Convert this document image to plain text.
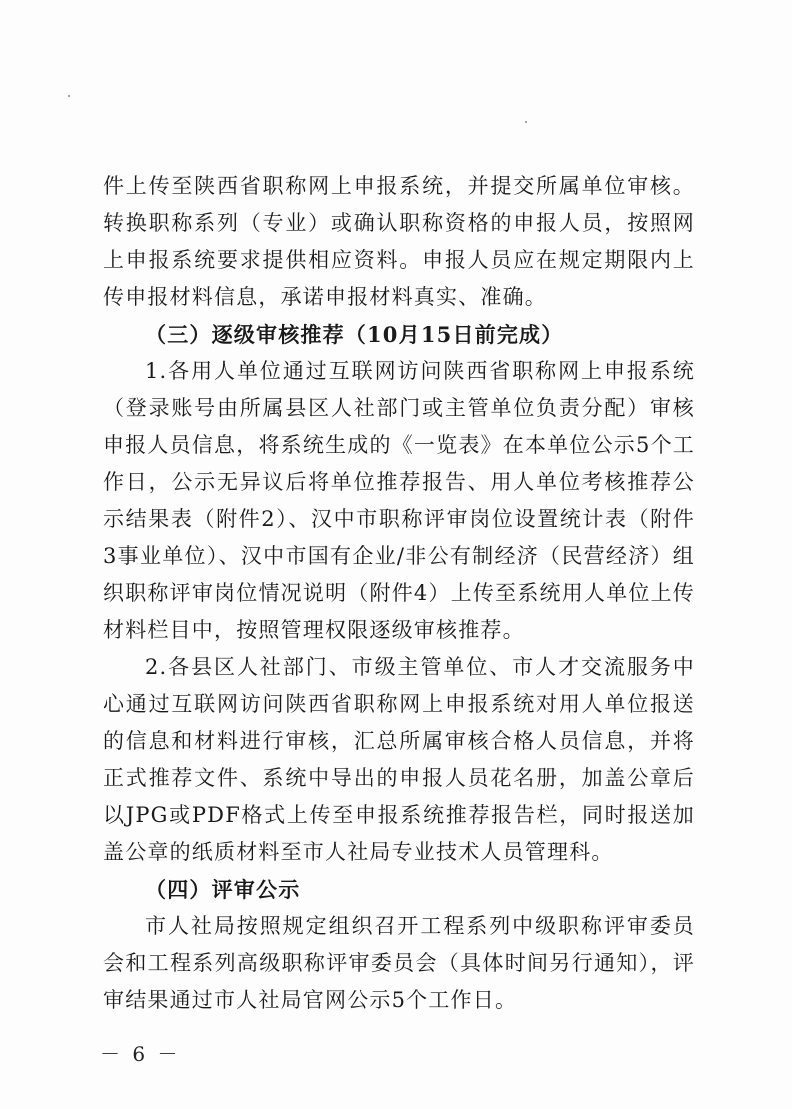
件上传至陕西省职称网上申报系统，并提交所属单位审核。转换职称系列（专业）或确认职称资格的申报人员，按照网上申报系统要求提供相应资料。申报人员应在规定期限内上传申报材料信息，承诺申报材料真实、准确。

（三）逐级审核推荐（10月15日前完成）

1.各用人单位通过互联网访问陕西省职称网上申报系统（登录账号由所属县区人社部门或主管单位负责分配）审核申报人员信息，将系统生成的《一览表》在本单位公示5个工作日，公示无异议后将单位推荐报告、用人单位考核推荐公示结果表（附件2）、汉中市职称评审岗位设置统计表（附件3事业单位）、汉中市国有企业/非公有制经济（民营经济）组织职称评审岗位情况说明（附件4）上传至系统用人单位上传材料栏目中，按照管理权限逐级审核推荐。

2.各县区人社部门、市级主管单位、市人才交流服务中心通过互联网访问陕西省职称网上申报系统对用人单位报送的信息和材料进行审核，汇总所属审核合格人员信息，并将正式推荐文件、系统中导出的申报人员花名册，加盖公章后以JPG或PDF格式上传至申报系统推荐报告栏，同时报送加盖公章的纸质材料至市人社局专业技术人员管理科。

（四）评审公示

市人社局按照规定组织召开工程系列中级职称评审委员会和工程系列高级职称评审委员会（具体时间另行通知），评审结果通过市人社局官网公示5个工作日。

－ 6 －
